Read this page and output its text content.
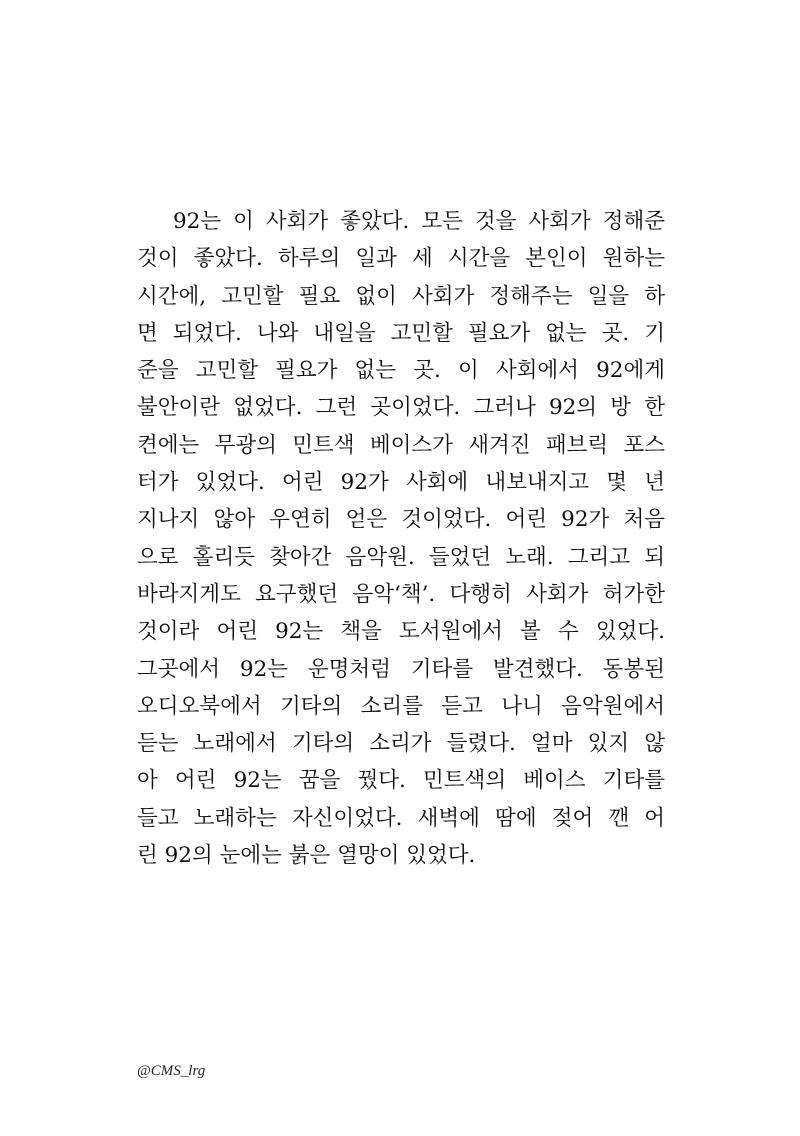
92는 이 사회가 좋았다. 모든 것을 사회가 정해준
것이 좋았다. 하루의 일과 세 시간을 본인이 원하는
시간에, 고민할 필요 없이 사회가 정해주는 일을 하
면 되었다. 나와 내일을 고민할 필요가 없는 곳. 기
준을 고민할 필요가 없는 곳. 이 사회에서 92에게
불안이란 없었다. 그런 곳이었다. 그러나 92의 방 한
켠에는 무광의 민트색 베이스가 새겨진 패브릭 포스
터가 있었다. 어린 92가 사회에 내보내지고 몇 년
지나지 않아 우연히 얻은 것이었다. 어린 92가 처음
으로 홀리듯 찾아간 음악원. 들었던 노래. 그리고 되
바라지게도 요구했던 음악‘책’. 다행히 사회가 허가한
것이라 어린 92는 책을 도서원에서 볼 수 있었다.
그곳에서 92는 운명처럼 기타를 발견했다. 동봉된
오디오북에서 기타의 소리를 듣고 나니 음악원에서
듣는 노래에서 기타의 소리가 들렸다. 얼마 있지 않
아 어린 92는 꿈을 꿨다. 민트색의 베이스 기타를
들고 노래하는 자신이었다. 새벽에 땀에 젖어 깬 어
린 92의 눈에는 붉은 열망이 있었다.
@CMS_lrg
